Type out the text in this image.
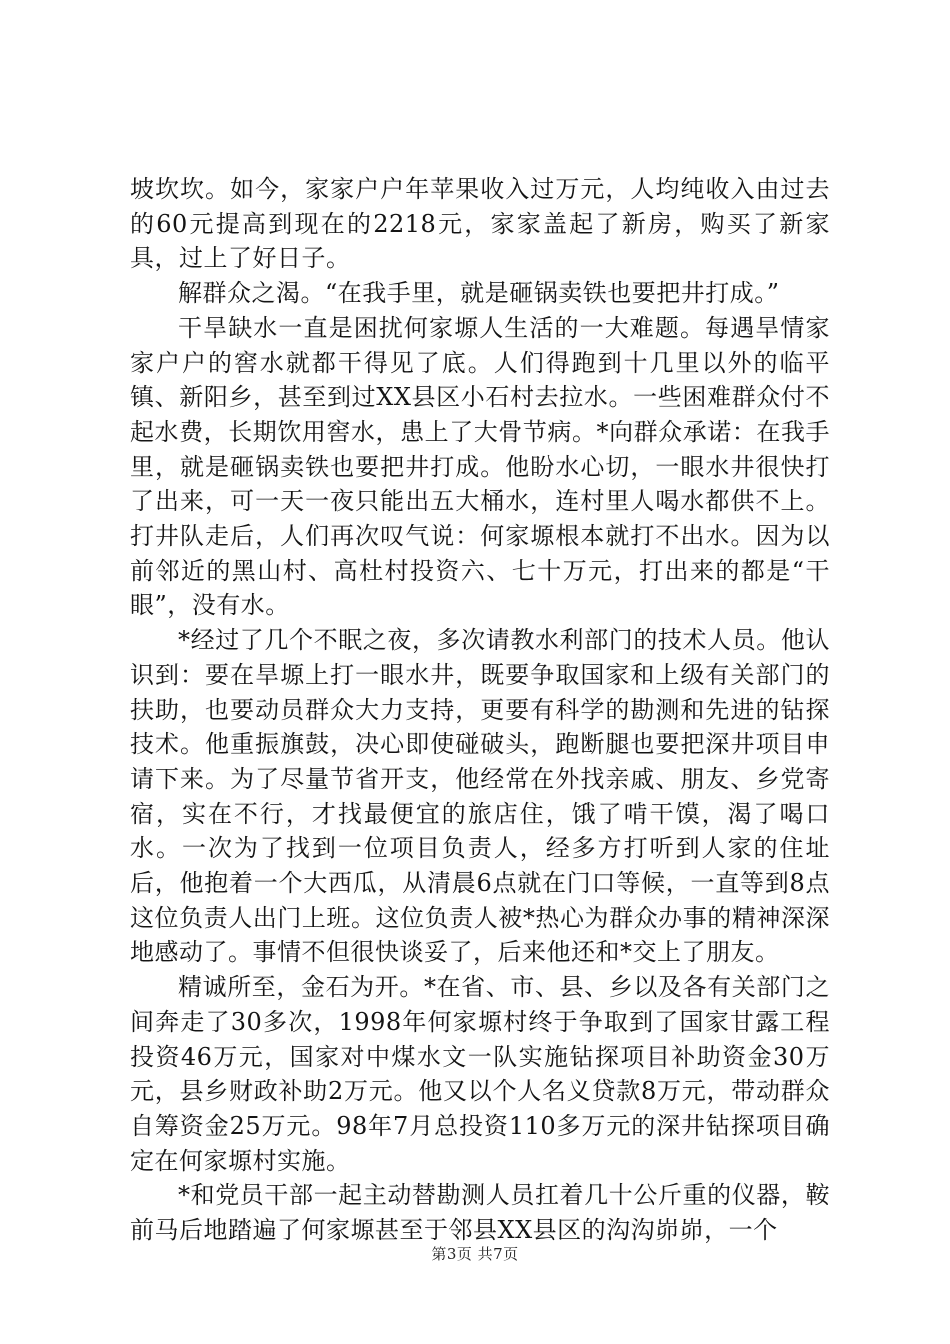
坡坎坎。如今，家家户户年苹果收入过万元，人均纯收入由过去的60元提高到现在的2218元，家家盖起了新房，购买了新家具，过上了好日子。

解群众之渴。“在我手里，就是砸锅卖铁也要把井打成。”

干旱缺水一直是困扰何家塬人生活的一大难题。每遇旱情家家户户的窖水就都干得见了底。人们得跑到十几里以外的临平镇、新阳乡，甚至到过XX县区小石村去拉水。一些困难群众付不起水费，长期饮用窖水，患上了大骨节病。*向群众承诺：在我手里，就是砸锅卖铁也要把井打成。他盼水心切，一眼水井很快打了出来，可一天一夜只能出五大桶水，连村里人喝水都供不上。打井队走后，人们再次叹气说：何家塬根本就打不出水。因为以前邻近的黑山村、高杜村投资六、七十万元，打出来的都是“干眼”，没有水。

*经过了几个不眠之夜，多次请教水利部门的技术人员。他认识到：要在旱塬上打一眼水井，既要争取国家和上级有关部门的扶助，也要动员群众大力支持，更要有科学的勘测和先进的钻探技术。他重振旗鼓，决心即使碰破头，跑断腿也要把深井项目申请下来。为了尽量节省开支，他经常在外找亲戚、朋友、乡党寄宿，实在不行，才找最便宜的旅店住，饿了啃干馍，渴了喝口水。一次为了找到一位项目负责人，经多方打听到人家的住址后，他抱着一个大西瓜，从清晨6点就在门口等候，一直等到8点这位负责人出门上班。这位负责人被*热心为群众办事的精神深深地感动了。事情不但很快谈妥了，后来他还和*交上了朋友。

精诚所至，金石为开。*在省、市、县、乡以及各有关部门之间奔走了30多次，1998年何家塬村终于争取到了国家甘露工程投资46万元，国家对中煤水文一队实施钻探项目补助资金30万元，县乡财政补助2万元。他又以个人名义贷款8万元，带动群众自筹资金25万元。98年7月总投资110多万元的深井钻探项目确定在何家塬村实施。

*和党员干部一起主动替勘测人员扛着几十公斤重的仪器，鞍前马后地踏遍了何家塬甚至于邻县XX县区的沟沟峁峁，一个

第3页 共7页
